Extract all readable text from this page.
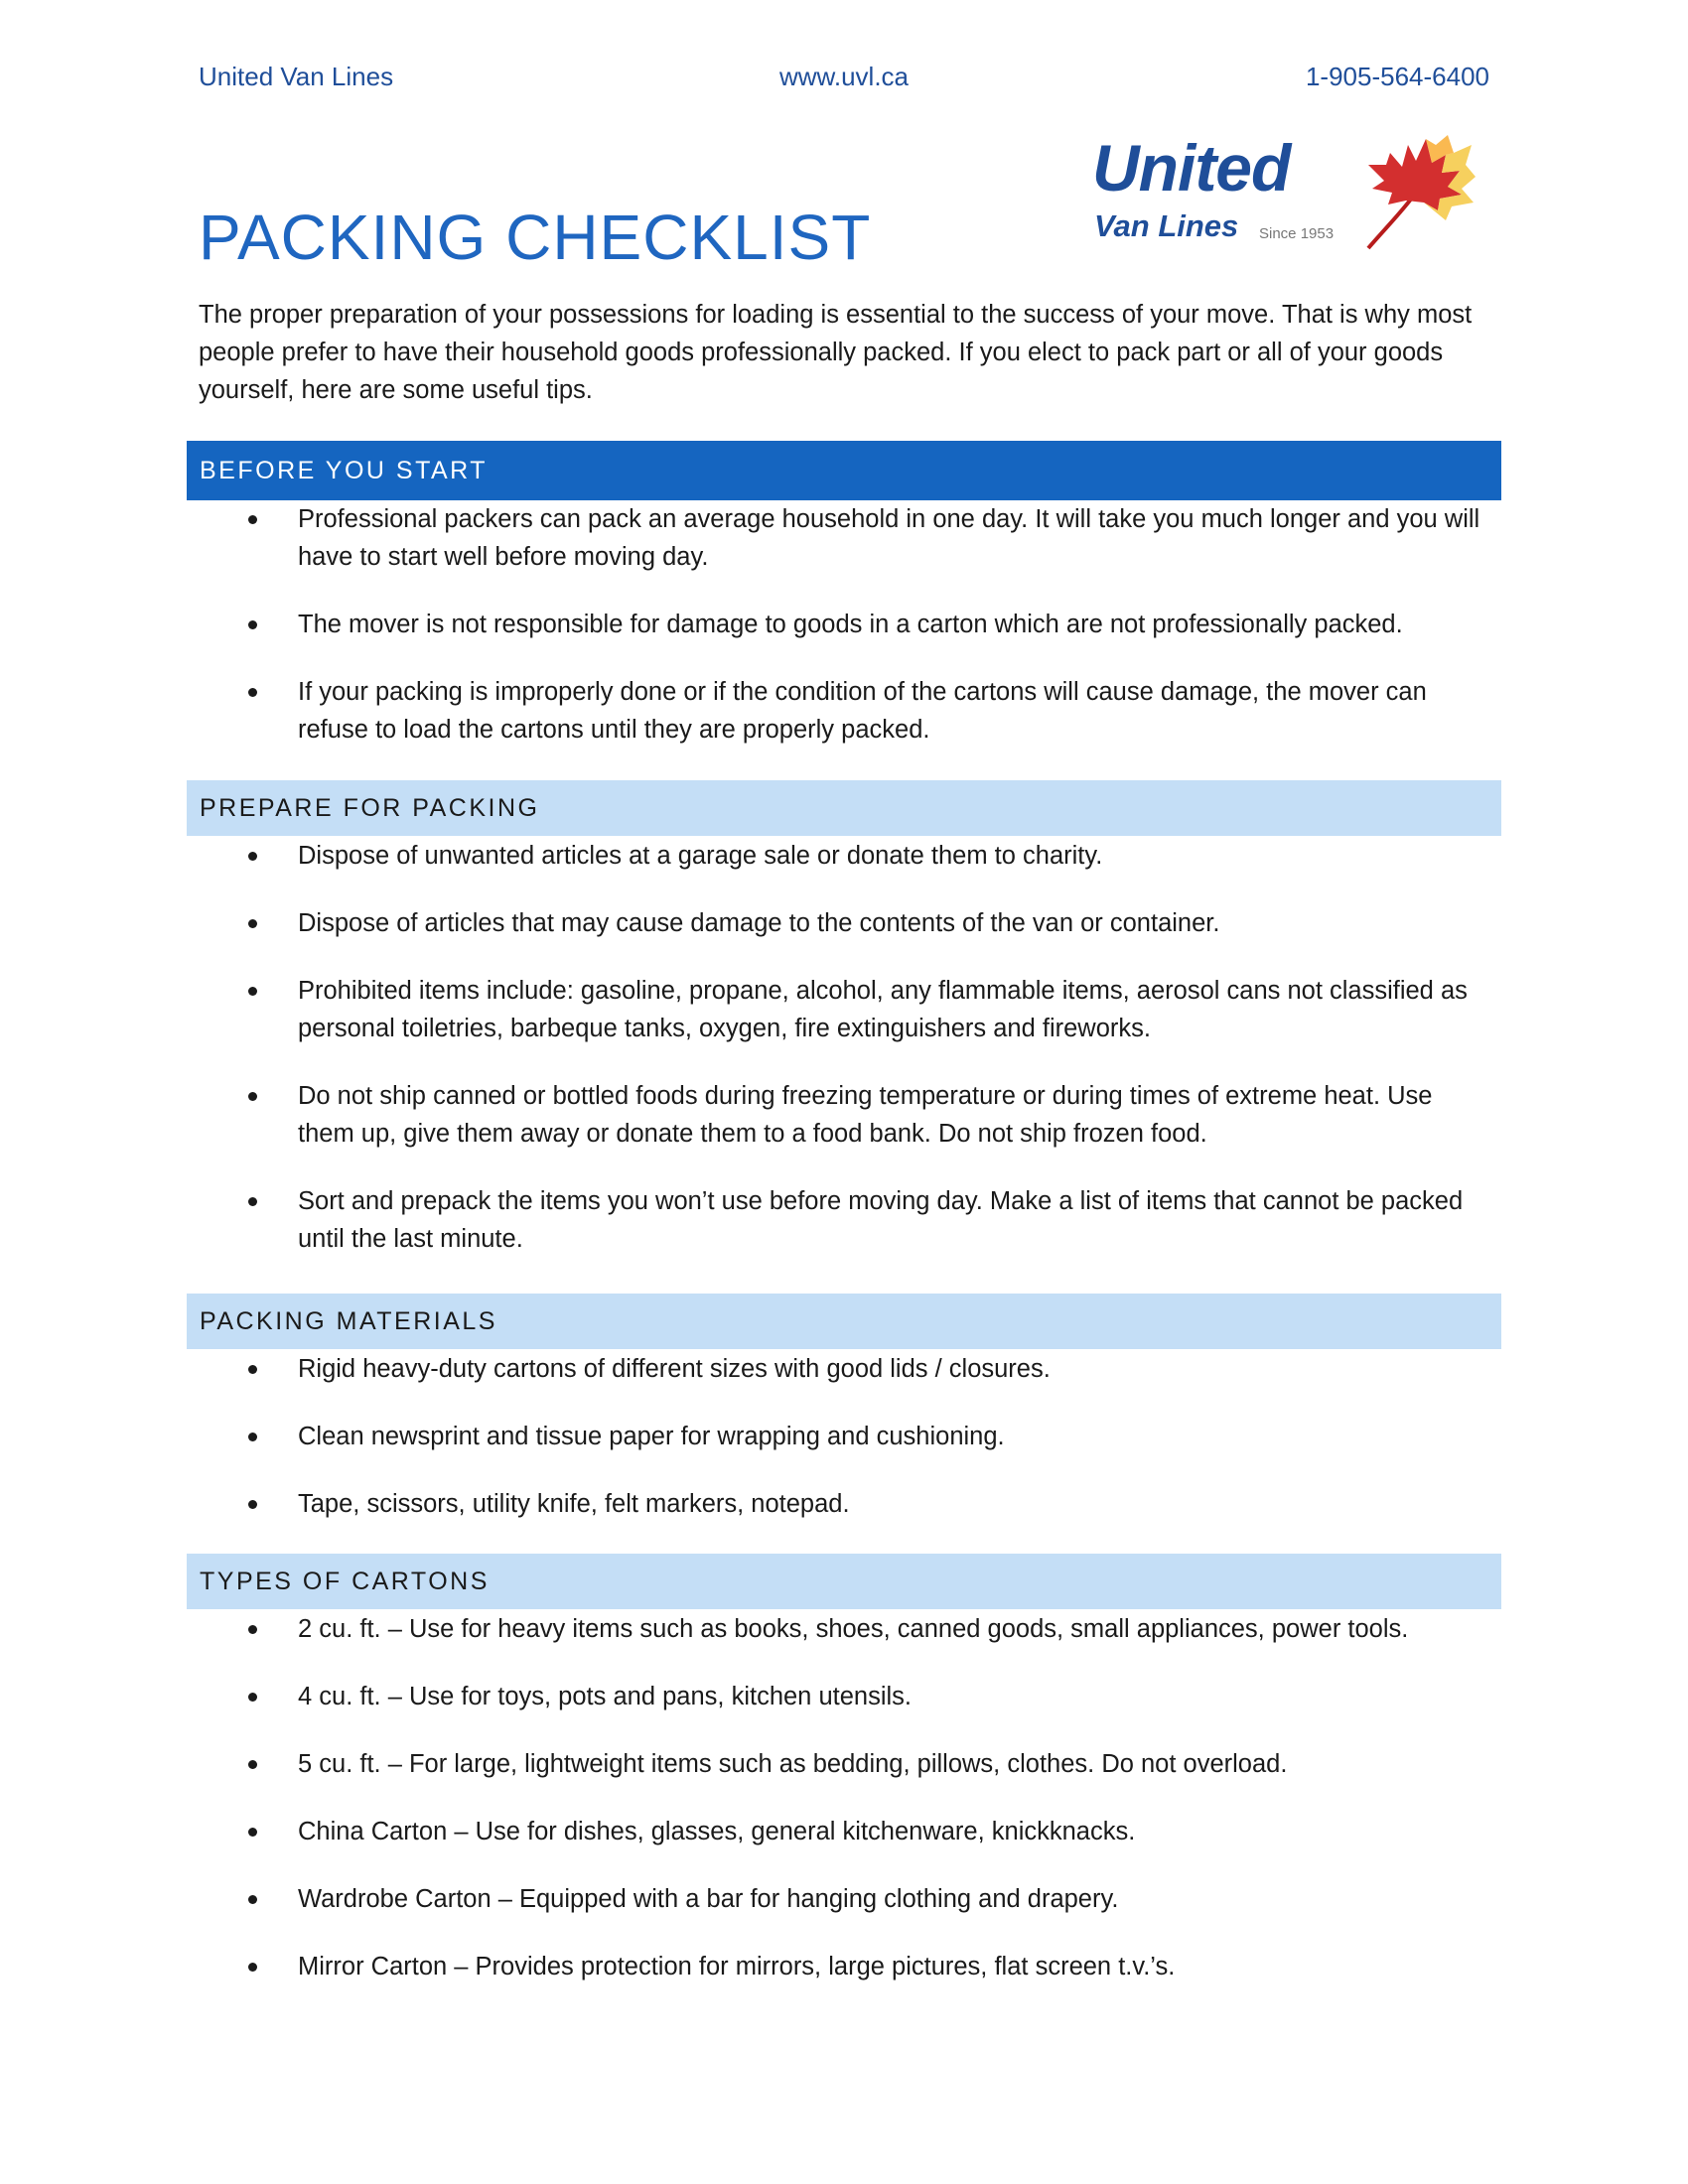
United Van Lines	www.uvl.ca	1-905-564-6400
United
Van Lines Since 1953
PACKING CHECKLIST

The proper preparation of your possessions for loading is essential to the success of your move. That is why most people prefer to have their household goods professionally packed. If you elect to pack part or all of your goods yourself, here are some useful tips.

BEFORE YOU START
Professional packers can pack an average household in one day. It will take you much longer and you will have to start well before moving day.
The mover is not responsible for damage to goods in a carton which are not professionally packed.
If your packing is improperly done or if the condition of the cartons will cause damage, the mover can refuse to load the cartons until they are properly packed.
PREPARE FOR PACKING
Dispose of unwanted articles at a garage sale or donate them to charity.
Dispose of articles that may cause damage to the contents of the van or container.
Prohibited items include: gasoline, propane, alcohol, any flammable items, aerosol cans not classified as personal toiletries, barbeque tanks, oxygen, fire extinguishers and fireworks.
Do not ship canned or bottled foods during freezing temperature or during times of extreme heat. Use them up, give them away or donate them to a food bank. Do not ship frozen food.
Sort and prepack the items you won’t use before moving day. Make a list of items that cannot be packed until the last minute.
PACKING MATERIALS
Rigid heavy-duty cartons of different sizes with good lids / closures.
Clean newsprint and tissue paper for wrapping and cushioning.
Tape, scissors, utility knife, felt markers, notepad.
TYPES OF CARTONS
2 cu. ft. – Use for heavy items such as books, shoes, canned goods, small appliances, power tools.
4 cu. ft. – Use for toys, pots and pans, kitchen utensils.
5 cu. ft. – For large, lightweight items such as bedding, pillows, clothes. Do not overload.
China Carton – Use for dishes, glasses, general kitchenware, knickknacks.
Wardrobe Carton – Equipped with a bar for hanging clothing and drapery.
Mirror Carton – Provides protection for mirrors, large pictures, flat screen t.v.’s.
